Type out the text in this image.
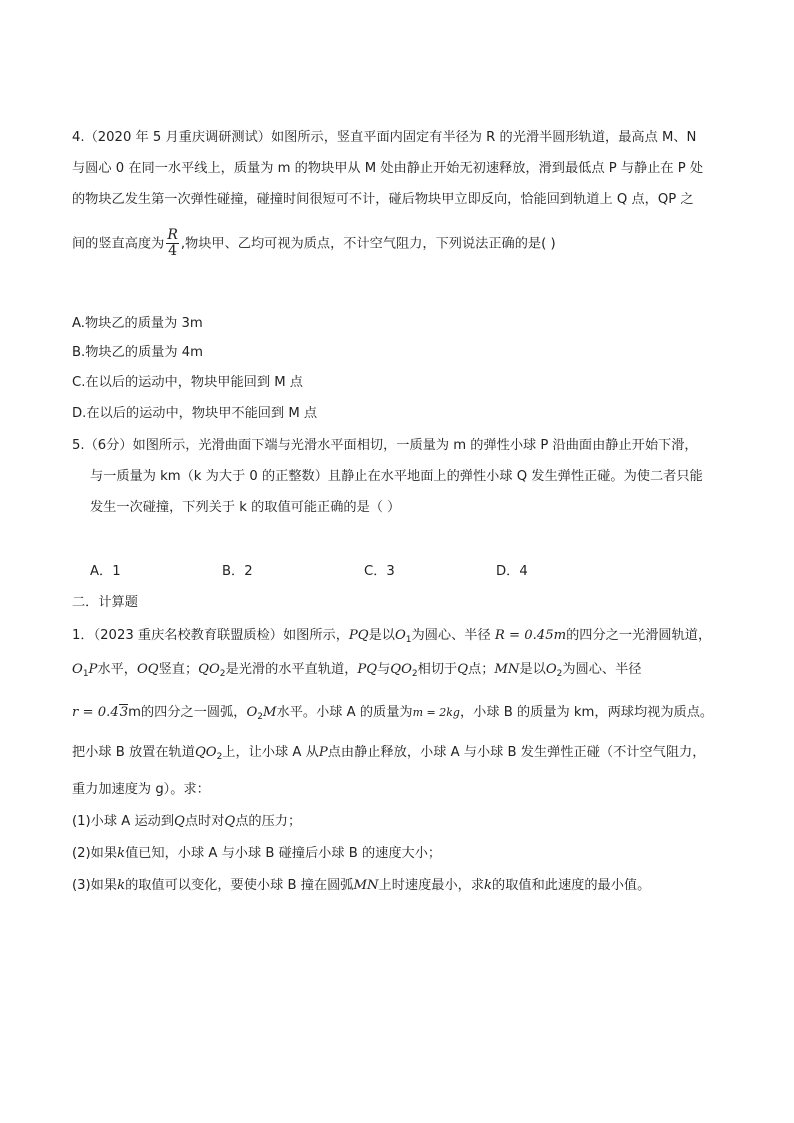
4.（2020 年 5 月重庆调研测试）如图所示，竖直平面内固定有半径为 R 的光滑半圆形轨道，最高点 M、N
与圆心 0 在同一水平线上，质量为 m 的物块甲从 M 处由静止开始无初速释放，滑到最低点 P 与静止在 P 处
的物块乙发生第一次弹性碰撞，碰撞时间很短可不计，碰后物块甲立即反向，恰能回到轨道上 Q 点，QP 之
间的竖直高度为 $\frac{R}{4}$ ,物块甲、乙均可视为质点，不计空气阻力，下列说法正确的是( )
A.物块乙的质量为 3m
B.物块乙的质量为 4m
C.在以后的运动中，物块甲能回到 M 点
D.在以后的运动中，物块甲不能回到 M 点
5.（6分）如图所示，光滑曲面下端与光滑水平面相切，一质量为 m 的弹性小球 P 沿曲面由静止开始下滑，
与一质量为 km（k 为大于 0 的正整数）且静止在水平地面上的弹性小球 Q 发生弹性正碰。为使二者只能
发生一次碰撞，下列关于 k 的取值可能正确的是（ ）
A．1	B．2	C．3	D．4
二．计算题
1．（2023 重庆名校教育联盟质检）如图所示，PQ是以$O_1$为圆心、半径 R = 0.45m的四分之一光滑圆轨道，
$O_1P$水平，OQ竖直；$QO_2$是光滑的水平直轨道，PQ与$QO_2$相切于Q点；MN是以$O_2$为圆心、半径
r = 0.43m的四分之一圆弧，$O_2M$水平。小球 A 的质量为m = 2kg，小球 B 的质量为 km，两球均视为质点。
把小球 B 放置在轨道$QO_2$上，让小球 A 从P点由静止释放，小球 A 与小球 B 发生弹性正碰（不计空气阻力，
重力加速度为 g）。求：
(1)小球 A 运动到Q点时对Q点的压力；
(2)如果k值已知，小球 A 与小球 B 碰撞后小球 B 的速度大小；
(3)如果k的取值可以变化，要使小球 B 撞在圆弧MN上时速度最小，求k的取值和此速度的最小值。
